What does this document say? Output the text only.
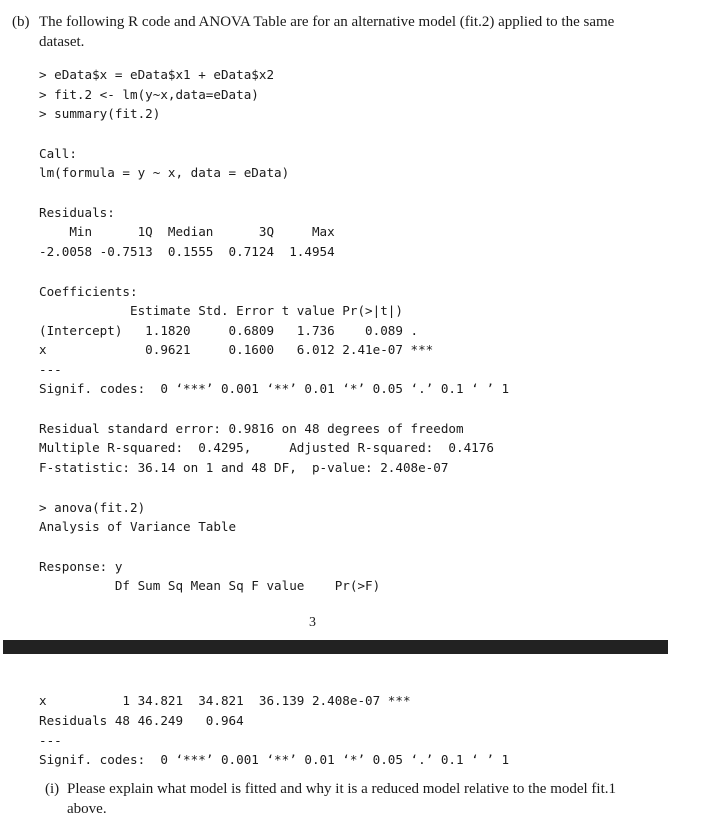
(b) The following R code and ANOVA Table are for an alternative model (fit.2) applied to the same
dataset.
> eData$x = eData$x1 + eData$x2
> fit.2 <- lm(y~x,data=eData)
> summary(fit.2)
Call:
lm(formula = y ~ x, data = eData)
Residuals:
Min      1Q  Median      3Q     Max
-2.0058 -0.7513  0.1555  0.7124  1.4954
Coefficients:
Estimate Std. Error t value Pr(>|t|)
(Intercept)   1.1820     0.6809   1.736    0.089 .
x             0.9621     0.1600   6.012 2.41e-07 ***
---
Signif. codes:  0 ‘***’ 0.001 ‘**’ 0.01 ‘*’ 0.05 ‘.’ 0.1 ‘ ’ 1
Residual standard error: 0.9816 on 48 degrees of freedom
Multiple R-squared:  0.4295,     Adjusted R-squared:  0.4176
F-statistic: 36.14 on 1 and 48 DF,  p-value: 2.408e-07
> anova(fit.2)
Analysis of Variance Table
Response: y
Df Sum Sq Mean Sq F value    Pr(>F)
3
x          1 34.821  34.821  36.139 2.408e-07 ***
Residuals 48 46.249   0.964
---
Signif. codes:  0 ‘***’ 0.001 ‘**’ 0.01 ‘*’ 0.05 ‘.’ 0.1 ‘ ’ 1
(i) Please explain what model is fitted and why it is a reduced model relative to the model fit.1
above.
